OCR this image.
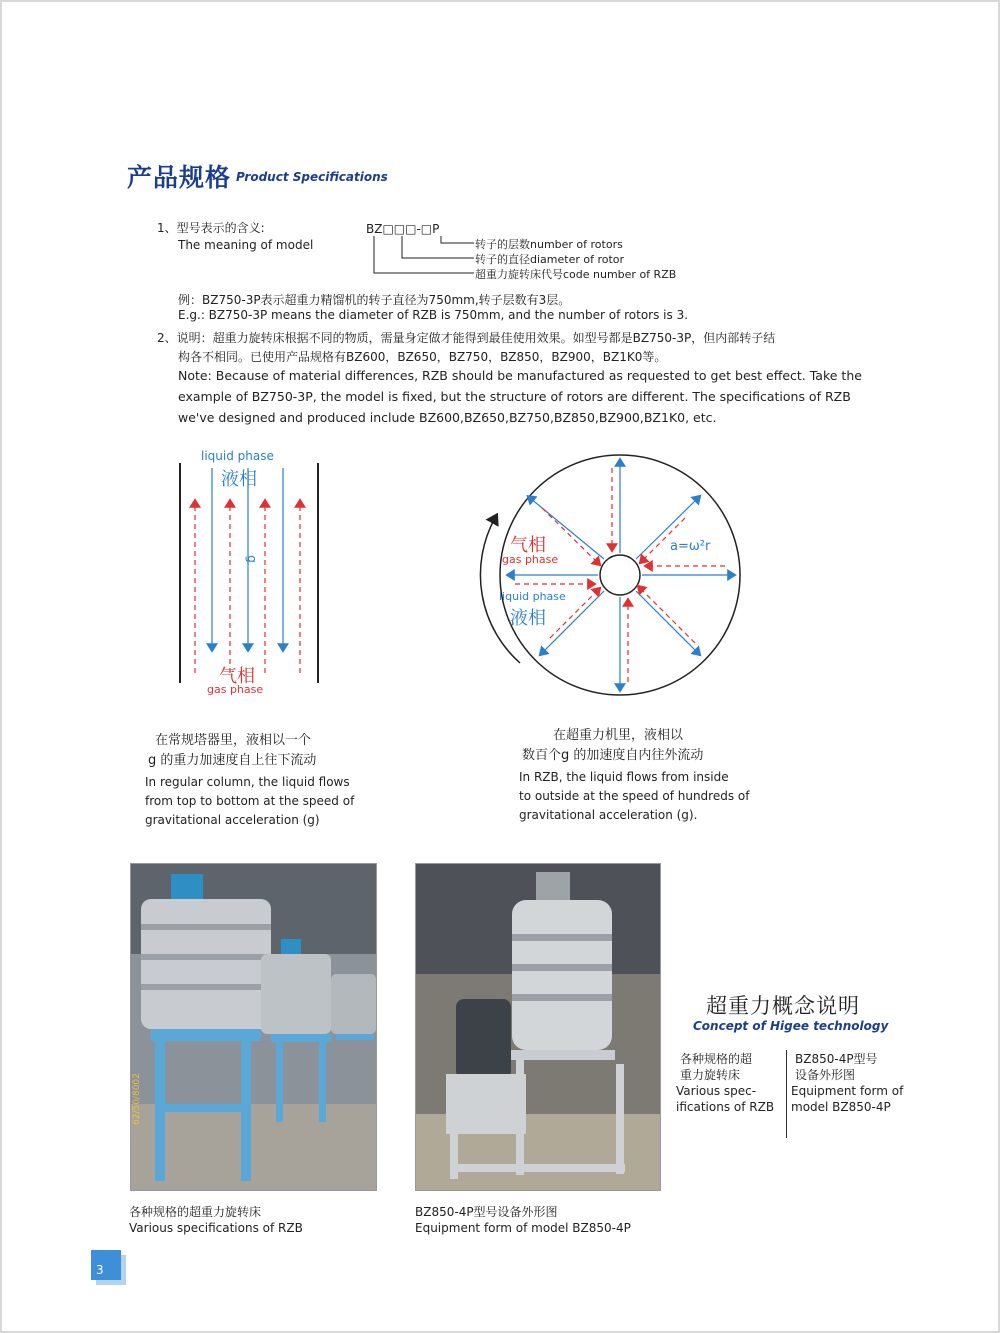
产品规格 Product Specifications
1、型号表示的含义:
The meaning of model
BZ□□□-□P
转子的层数number of rotors
转子的直径diameter of rotor
超重力旋转床代号code number of RZB
例：BZ750-3P表示超重力精馏机的转子直径为750mm,转子层数有3层。
E.g.: BZ750-3P means the diameter of RZB is 750mm, and the number of rotors is 3.
2、说明：超重力旋转床根据不同的物质，需量身定做才能得到最佳使用效果。如型号都是BZ750-3P，但内部转子结
构各不相同。已使用产品规格有BZ600，BZ650，BZ750，BZ850，BZ900，BZ1K0等。
Note: Because of material differences, RZB should be manufactured as requested to get best effect. Take the
example of BZ750-3P, the model is fixed, but the structure of rotors are different. The specifications of RZB
we've designed and produced include BZ600,BZ650,BZ750,BZ850,BZ900,BZ1K0, etc.
liquid phase
液相
g
气相
gas phase
气相
gas phase
liquid phase
液相
a=ω²r
在常规塔器里，液相以一个
g 的重力加速度自上往下流动
In regular column, the liquid flows
from top to bottom at the speed of
gravitational acceleration (g)
在超重力机里，液相以
数百个g 的加速度自内往外流动
In RZB, the liquid flows from inside
to outside at the speed of hundreds of
gravitational acceleration (g).
62/50/8002
各种规格的超重力旋转床
Various specifications of RZB
BZ850-4P型号设备外形图
Equipment form of model BZ850-4P
超重力概念说明
Concept of Higee technology
各种规格的超
重力旋转床
Various spec-
ifications of RZB
BZ850-4P型号
设备外形图
Equipment form of
model BZ850-4P
3
